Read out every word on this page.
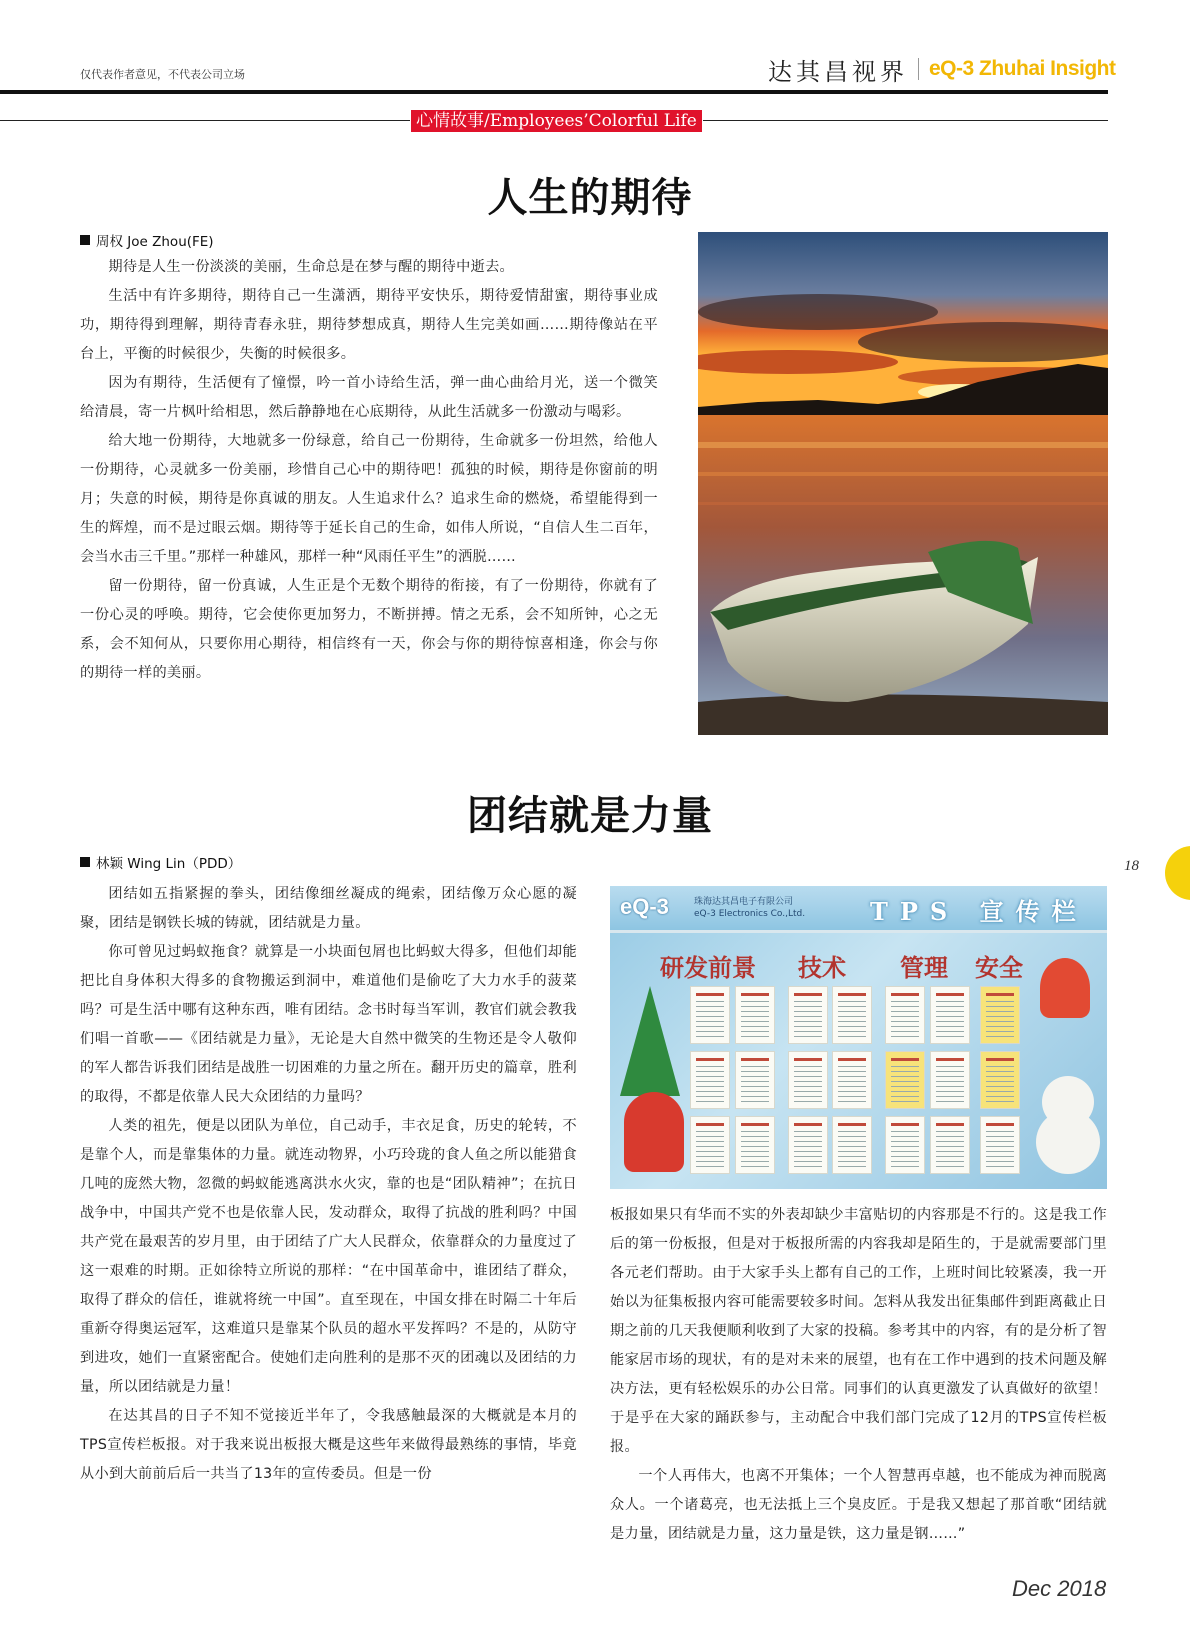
仅代表作者意见，不代表公司立场	达其昌视界 eQ-3 Zhuhai Insight
心情故事/Employees’Colorful Life
人生的期待
周权 Joe Zhou(FE)

期待是人生一份淡淡的美丽，生命总是在梦与醒的期待中逝去。

生活中有许多期待，期待自己一生潇洒，期待平安快乐，期待爱情甜蜜，期待事业成功，期待得到理解，期待青春永驻，期待梦想成真，期待人生完美如画……期待像站在平台上，平衡的时候很少，失衡的时候很多。

因为有期待，生活便有了憧憬，吟一首小诗给生活，弹一曲心曲给月光，送一个微笑给清晨，寄一片枫叶给相思，然后静静地在心底期待，从此生活就多一份激动与喝彩。

给大地一份期待，大地就多一份绿意，给自己一份期待，生命就多一份坦然，给他人一份期待，心灵就多一份美丽，珍惜自己心中的期待吧！孤独的时候，期待是你窗前的明月；失意的时候，期待是你真诚的朋友。人生追求什么？追求生命的燃烧，希望能得到一生的辉煌，而不是过眼云烟。期待等于延长自己的生命，如伟人所说，“自信人生二百年，会当水击三千里。”那样一种雄风，那样一种“风雨任平生”的洒脱……

留一份期待，留一份真诚，人生正是个无数个期待的衔接，有了一份期待，你就有了一份心灵的呼唤。期待，它会使你更加努力，不断拼搏。情之无系，会不知所钟，心之无系，会不知何从，只要你用心期待，相信终有一天，你会与你的期待惊喜相逢，你会与你的期待一样的美丽。

团结就是力量
林颖 Wing Lin（PDD）

团结如五指紧握的拳头，团结像细丝凝成的绳索，团结像万众心愿的凝聚，团结是钢铁长城的铸就，团结就是力量。

你可曾见过蚂蚁拖食？就算是一小块面包屑也比蚂蚁大得多，但他们却能把比自身体积大得多的食物搬运到洞中，难道他们是偷吃了大力水手的菠菜吗？可是生活中哪有这种东西，唯有团结。念书时每当军训，教官们就会教我们唱一首歌——《团结就是力量》，无论是大自然中微笑的生物还是令人敬仰的军人都告诉我们团结是战胜一切困难的力量之所在。翻开历史的篇章，胜利的取得，不都是依靠人民大众团结的力量吗？

人类的祖先，便是以团队为单位，自己动手，丰衣足食，历史的轮转，不是靠个人，而是靠集体的力量。就连动物界，小巧玲珑的食人鱼之所以能猎食几吨的庞然大物，忽微的蚂蚁能逃离洪水火灾，靠的也是“团队精神”；在抗日战争中，中国共产党不也是依靠人民，发动群众，取得了抗战的胜利吗？中国共产党在最艰苦的岁月里，由于团结了广大人民群众，依靠群众的力量度过了这一艰难的时期。正如徐特立所说的那样：“在中国革命中，谁团结了群众，取得了群众的信任，谁就将统一中国”。直至现在，中国女排在时隔二十年后重新夺得奥运冠军，这难道只是靠某个队员的超水平发挥吗？不是的，从防守到进攻，她们一直紧密配合。使她们走向胜利的是那不灭的团魂以及团结的力量，所以团结就是力量！

在达其昌的日子不知不觉接近半年了，令我感触最深的大概就是本月的TPS宣传栏板报。对于我来说出板报大概是这些年来做得最熟练的事情，毕竟从小到大前前后后一共当了13年的宣传委员。但是一份

eQ-3	珠海达其昌电子有限公司
eQ-3 Electronics Co.,Ltd.	TPS 宣传栏
研发前景 技术 管理 安全

板报如果只有华而不实的外表却缺少丰富贴切的内容那是不行的。这是我工作后的第一份板报，但是对于板报所需的内容我却是陌生的，于是就需要部门里各元老们帮助。由于大家手头上都有自己的工作，上班时间比较紧凑，我一开始以为征集板报内容可能需要较多时间。怎料从我发出征集邮件到距离截止日期之前的几天我便顺利收到了大家的投稿。参考其中的内容，有的是分析了智能家居市场的现状，有的是对未来的展望，也有在工作中遇到的技术问题及解决方法，更有轻松娱乐的办公日常。同事们的认真更激发了认真做好的欲望！于是乎在大家的踊跃参与，主动配合中我们部门完成了12月的TPS宣传栏板报。

一个人再伟大，也离不开集体；一个人智慧再卓越，也不能成为神而脱离众人。一个诸葛亮，也无法抵上三个臭皮匠。于是我又想起了那首歌“团结就是力量，团结就是力量，这力量是铁，这力量是钢……”

18
Dec 2018
